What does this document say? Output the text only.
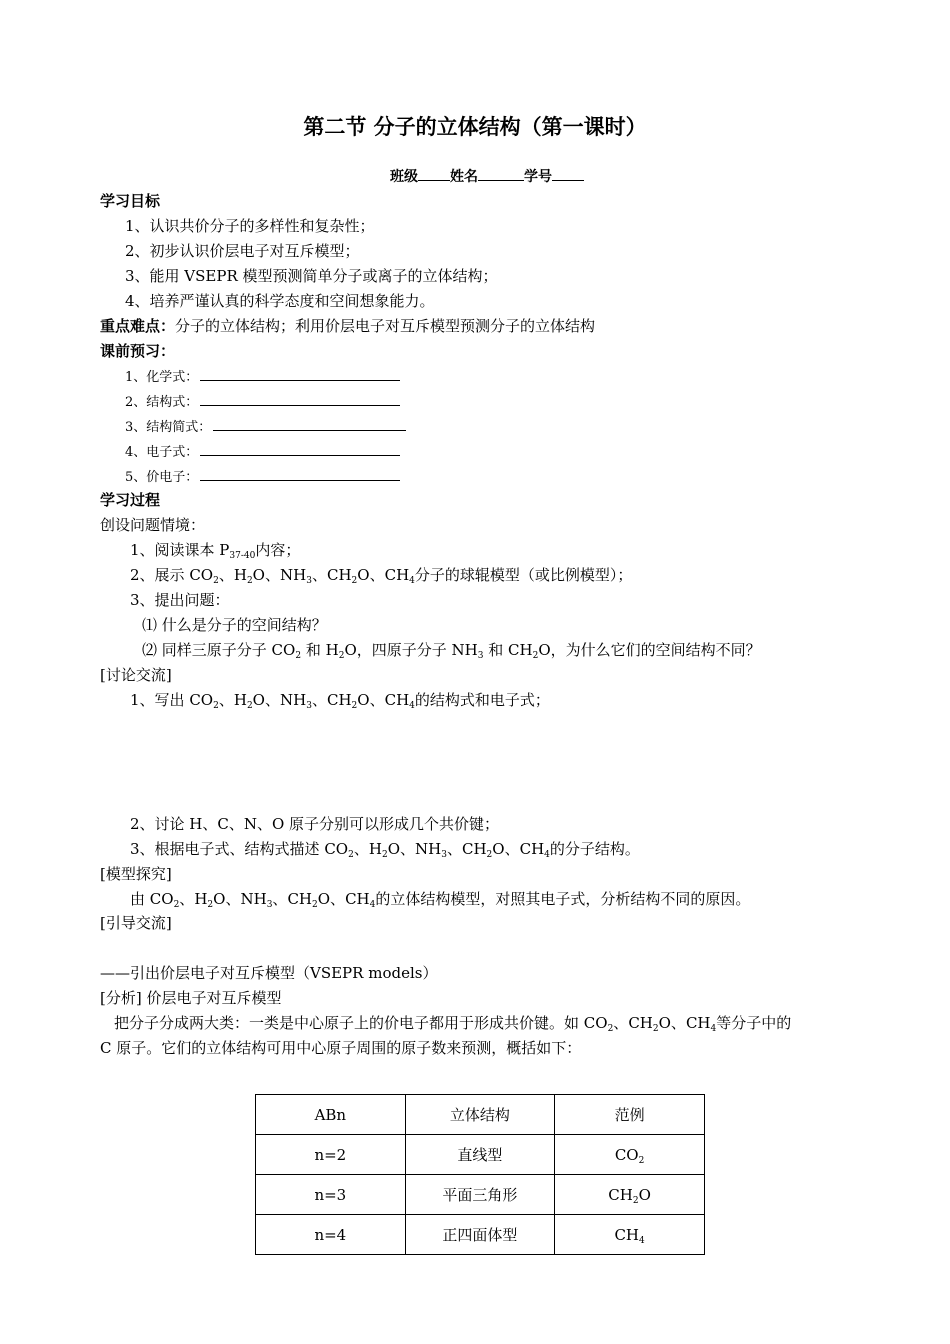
第二节 分子的立体结构（第一课时）
班级 姓名	学号
学习目标
1、认识共价分子的多样性和复杂性；
2、初步认识价层电子对互斥模型；
3、能用 VSEPR 模型预测简单分子或离子的立体结构；
4、培养严谨认真的科学态度和空间想象能力。
重点难点：分子的立体结构；利用价层电子对互斥模型预测分子的立体结构
课前预习：
1、化学式：
2、结构式：
3、结构简式：
4、电子式：
5、价电子：
学习过程
创设问题情境：
1、阅读课本 $P_{37-40}$内容；
2、展示 $CO_2$、$H_2O$、$NH_3$、$CH_2O$、$CH_4$分子的球辊模型（或比例模型）；
3、提出问题：
⑴ 什么是分子的空间结构？
⑵ 同样三原子分子 $CO_2$ 和 $H_2O$，四原子分子 $NH_3$ 和 $CH_2O$，为什么它们的空间结构不同？
[讨论交流]
1、写出 $CO_2$、$H_2O$、$NH_3$、$CH_2O$、$CH_4$的结构式和电子式；
2、讨论 H、C、N、O 原子分别可以形成几个共价键；
3、根据电子式、结构式描述 $CO_2$、$H_2O$、$NH_3$、$CH_2O$、$CH_4$的分子结构。
[模型探究]
由 $CO_2$、$H_2O$、$NH_3$、$CH_2O$、$CH_4$的立体结构模型，对照其电子式，分析结构不同的原因。
[引导交流]
——引出价层电子对互斥模型（VSEPR models）
[分析] 价层电子对互斥模型
把分子分成两大类：一类是中心原子上的价电子都用于形成共价键。如 $CO_2$、$CH_2O$、$CH_4$等分子中的
C 原子。它们的立体结构可用中心原子周围的原子数来预测，概括如下：
ABn	立体结构	范例
n=2	直线型	$CO_2$
n=3	平面三角形	$CH_2O$
n=4	正四面体型	$CH_4$
